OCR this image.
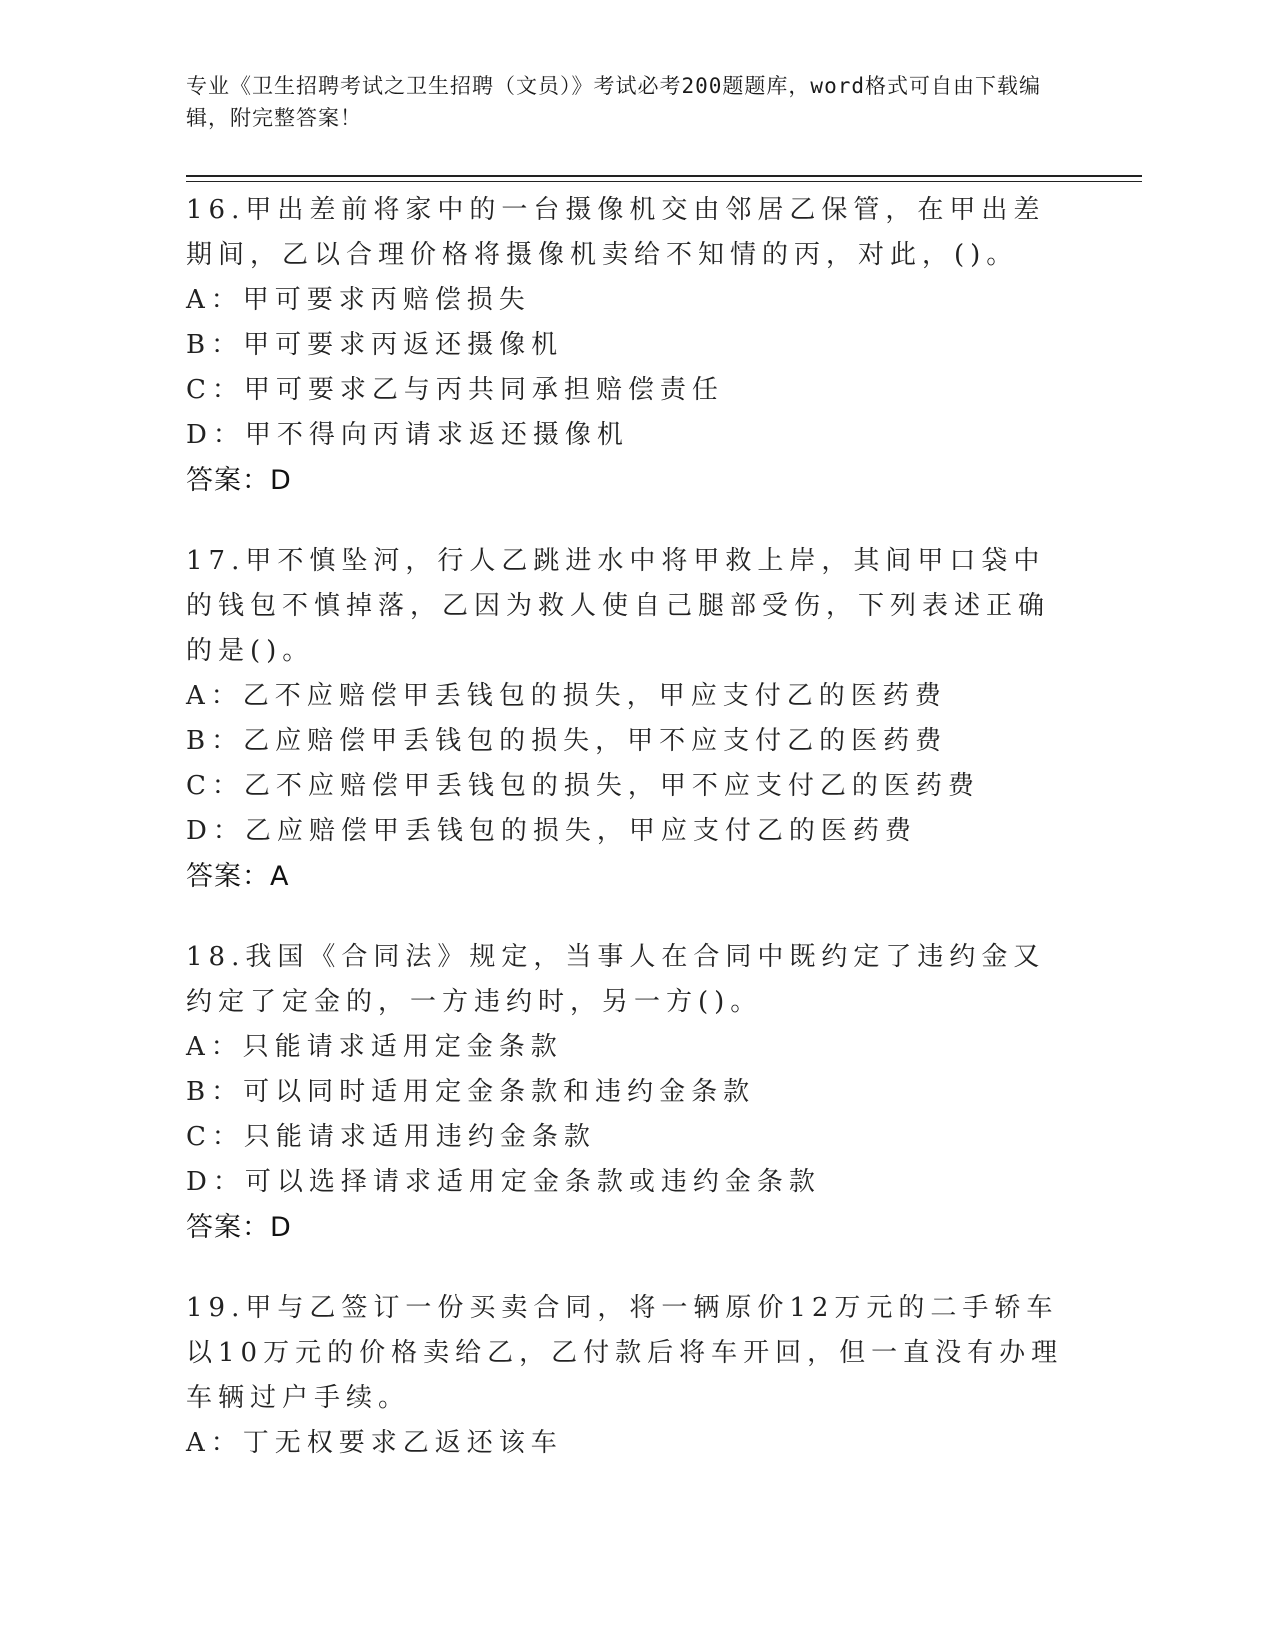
专业《卫生招聘考试之卫生招聘（文员）》考试必考200题题库，word格式可自由下载编辑，附完整答案！
16.甲出差前将家中的一台摄像机交由邻居乙保管，在甲出差期间，乙以合理价格将摄像机卖给不知情的丙，对此，()。
A：甲可要求丙赔偿损失
B：甲可要求丙返还摄像机
C：甲可要求乙与丙共同承担赔偿责任
D：甲不得向丙请求返还摄像机
答案：D
17.甲不慎坠河，行人乙跳进水中将甲救上岸，其间甲口袋中的钱包不慎掉落，乙因为救人使自己腿部受伤，下列表述正确的是()。
A：乙不应赔偿甲丢钱包的损失，甲应支付乙的医药费
B：乙应赔偿甲丢钱包的损失，甲不应支付乙的医药费
C：乙不应赔偿甲丢钱包的损失，甲不应支付乙的医药费
D：乙应赔偿甲丢钱包的损失，甲应支付乙的医药费
答案：A
18.我国《合同法》规定，当事人在合同中既约定了违约金又约定了定金的，一方违约时，另一方()。
A：只能请求适用定金条款
B：可以同时适用定金条款和违约金条款
C：只能请求适用违约金条款
D：可以选择请求适用定金条款或违约金条款
答案：D
19.甲与乙签订一份买卖合同，将一辆原价12万元的二手轿车以10万元的价格卖给乙，乙付款后将车开回，但一直没有办理车辆过户手续。
A：丁无权要求乙返还该车
